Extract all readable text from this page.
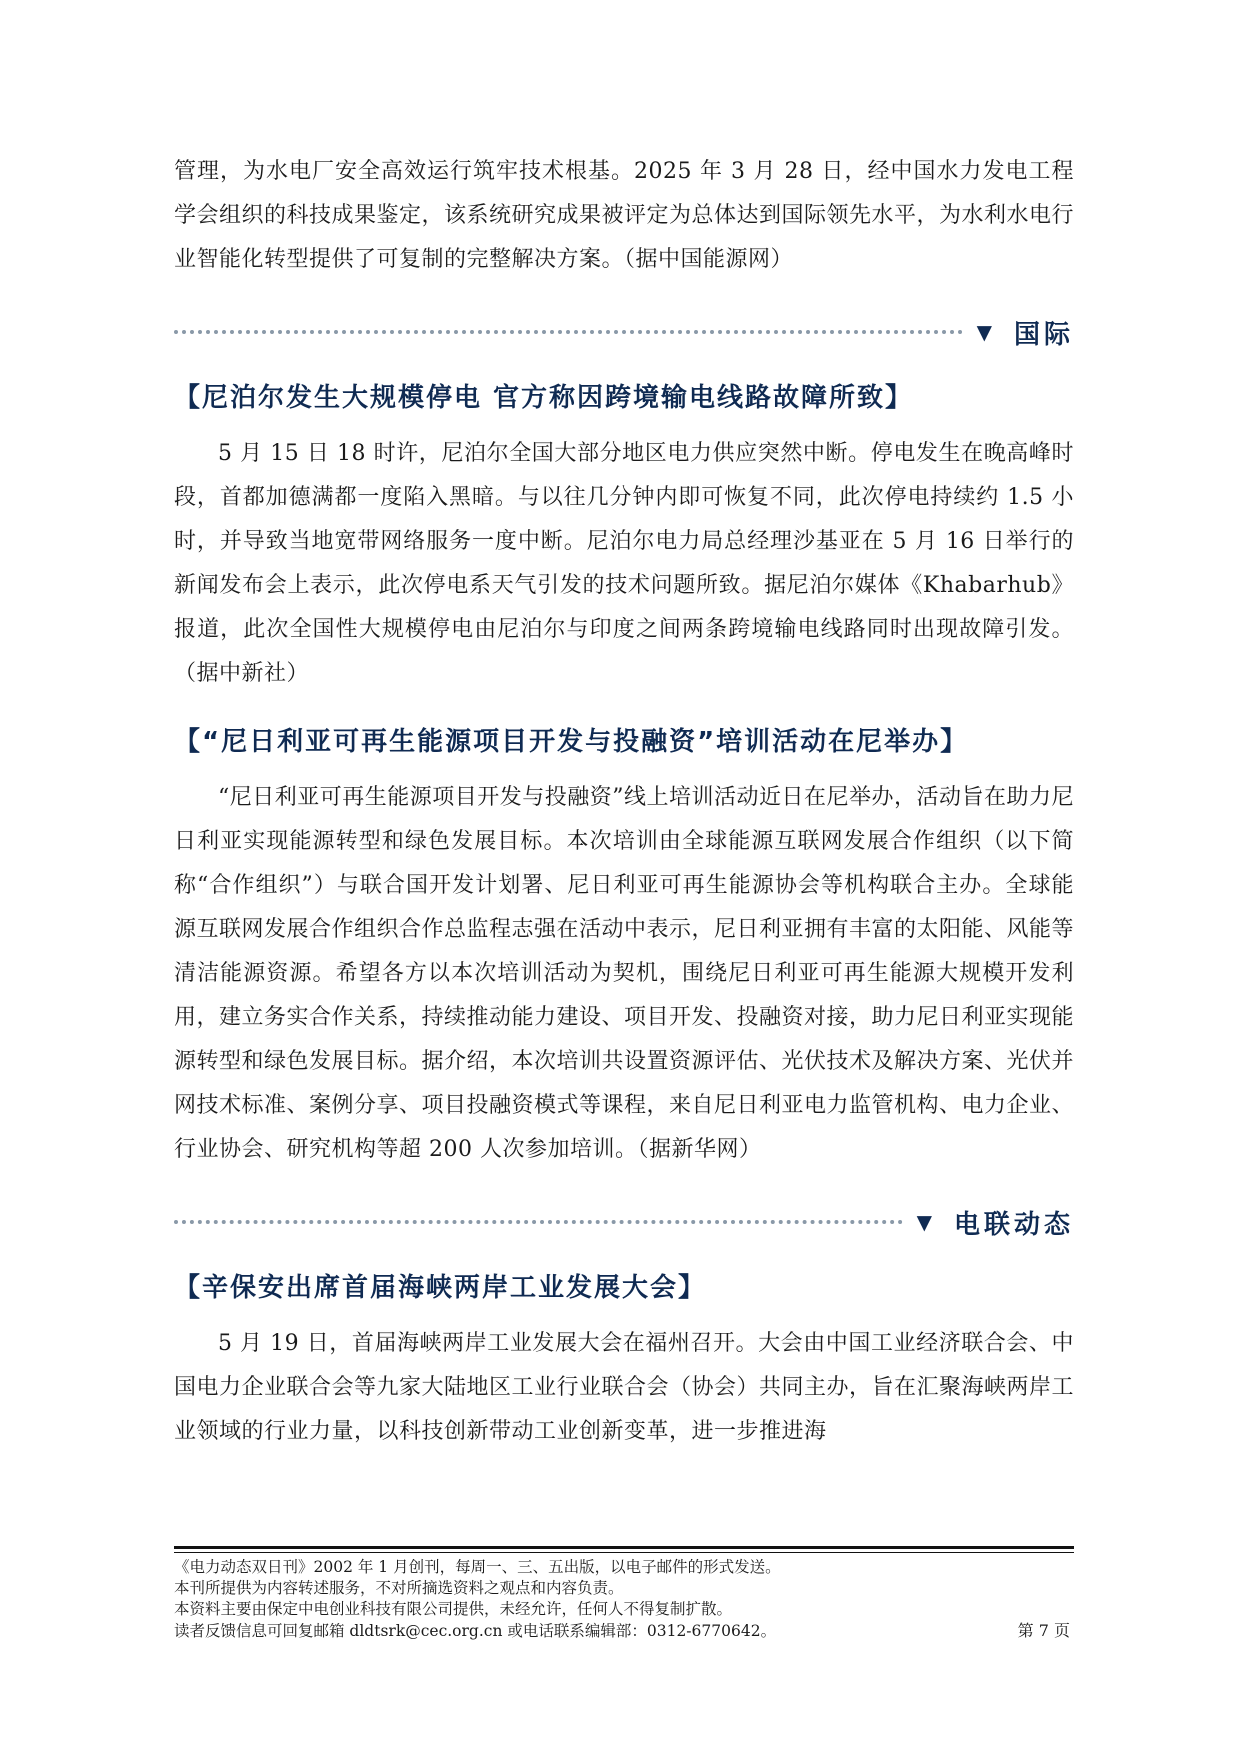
管理，为水电厂安全高效运行筑牢技术根基。2025 年 3 月 28 日，经中国水力发电工程学会组织的科技成果鉴定，该系统研究成果被评定为总体达到国际领先水平，为水利水电行业智能化转型提供了可复制的完整解决方案。（据中国能源网）

▼ 国际
【尼泊尔发生大规模停电 官方称因跨境输电线路故障所致】

5 月 15 日 18 时许，尼泊尔全国大部分地区电力供应突然中断。停电发生在晚高峰时段，首都加德满都一度陷入黑暗。与以往几分钟内即可恢复不同，此次停电持续约 1.5 小时，并导致当地宽带网络服务一度中断。尼泊尔电力局总经理沙基亚在 5 月 16 日举行的新闻发布会上表示，此次停电系天气引发的技术问题所致。据尼泊尔媒体《Khabarhub》报道，此次全国性大规模停电由尼泊尔与印度之间两条跨境输电线路同时出现故障引发。（据中新社）

【“尼日利亚可再生能源项目开发与投融资”培训活动在尼举办】

“尼日利亚可再生能源项目开发与投融资”线上培训活动近日在尼举办，活动旨在助力尼日利亚实现能源转型和绿色发展目标。本次培训由全球能源互联网发展合作组织（以下简称“合作组织”）与联合国开发计划署、尼日利亚可再生能源协会等机构联合主办。全球能源互联网发展合作组织合作总监程志强在活动中表示，尼日利亚拥有丰富的太阳能、风能等清洁能源资源。希望各方以本次培训活动为契机，围绕尼日利亚可再生能源大规模开发利用，建立务实合作关系，持续推动能力建设、项目开发、投融资对接，助力尼日利亚实现能源转型和绿色发展目标。据介绍，本次培训共设置资源评估、光伏技术及解决方案、光伏并网技术标准、案例分享、项目投融资模式等课程，来自尼日利亚电力监管机构、电力企业、行业协会、研究机构等超 200 人次参加培训。（据新华网）

▼ 电联动态
【辛保安出席首届海峡两岸工业发展大会】

5 月 19 日，首届海峡两岸工业发展大会在福州召开。大会由中国工业经济联合会、中国电力企业联合会等九家大陆地区工业行业联合会（协会）共同主办，旨在汇聚海峡两岸工业领域的行业力量，以科技创新带动工业创新变革，进一步推进海

《电力动态双日刊》2002 年 1 月创刊，每周一、三、五出版，以电子邮件的形式发送。
本刊所提供为内容转述服务，不对所摘选资料之观点和内容负责。
本资料主要由保定中电创业科技有限公司提供，未经允许，任何人不得复制扩散。
读者反馈信息可回复邮箱 dldtsrk@cec.org.cn 或电话联系编辑部：0312-6770642。	第 7 页
